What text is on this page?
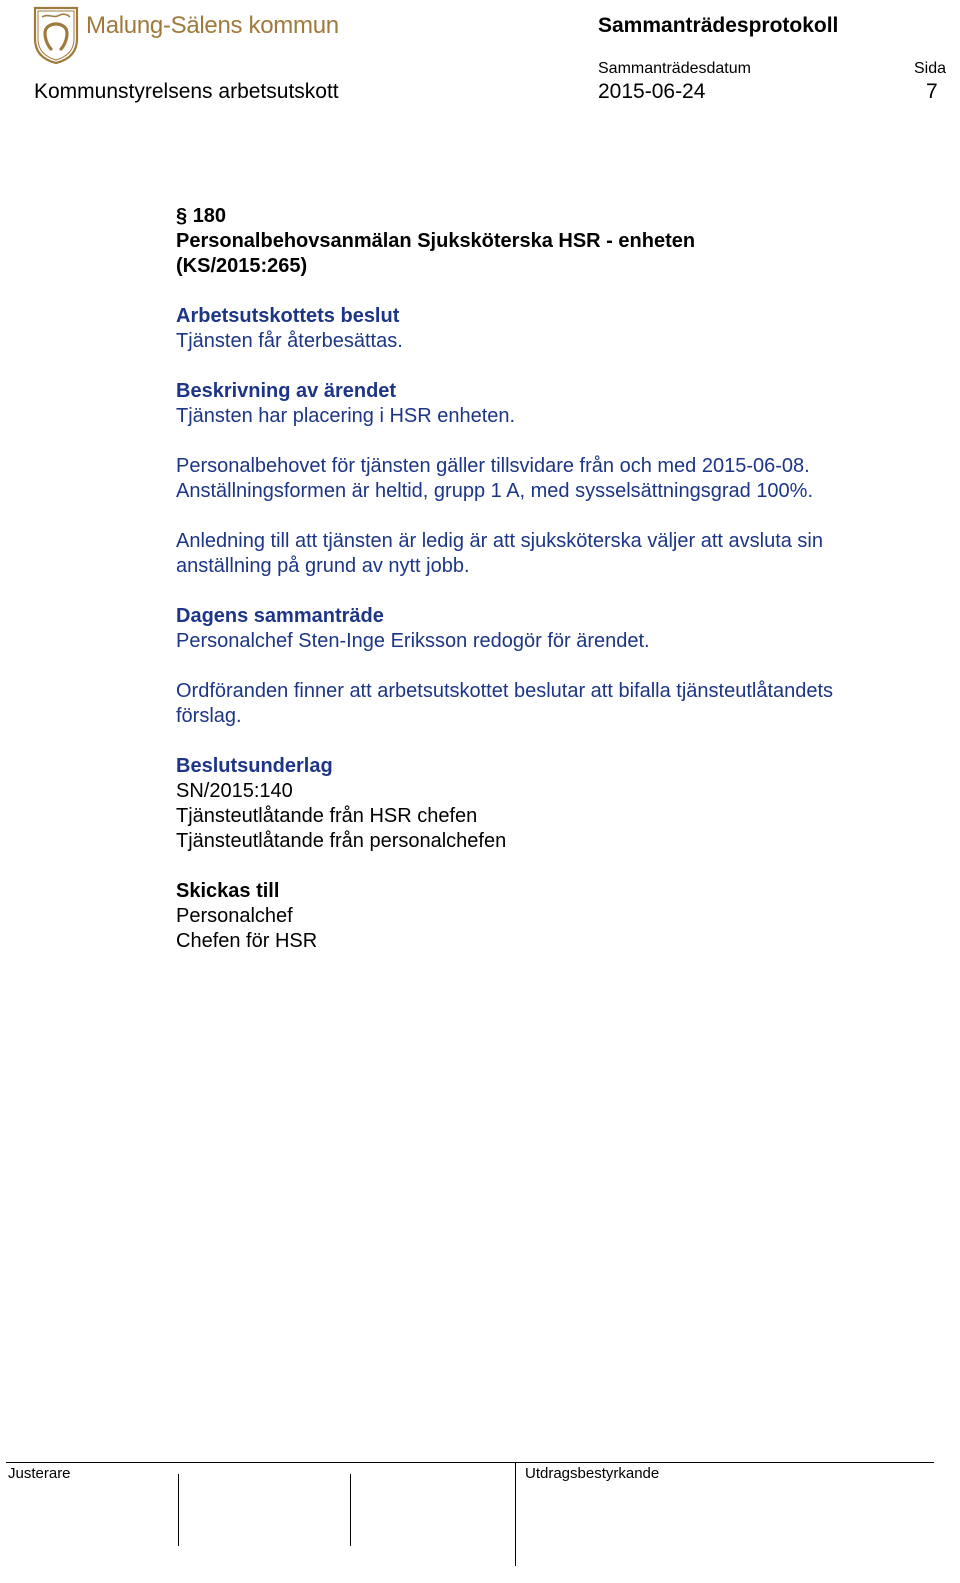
Malung-Sälens kommun	Sammanträdesprotokoll
Sammanträdesdatum	Sida
Kommunstyrelsens arbetsutskott	2015-06-24	7

§ 180

Personalbehovsanmälan Sjuksköterska HSR - enheten

(KS/2015:265)

Arbetsutskottets beslut

Tjänsten får återbesättas.

Beskrivning av ärendet

Tjänsten har placering i HSR enheten.

Personalbehovet för tjänsten gäller tillsvidare från och med 2015-06-08.

Anställningsformen är heltid, grupp 1 A, med sysselsättningsgrad 100%.

Anledning till att tjänsten är ledig är att sjuksköterska väljer att avsluta sin

anställning på grund av nytt jobb.

Dagens sammanträde

Personalchef Sten-Inge Eriksson redogör för ärendet.

Ordföranden finner att arbetsutskottet beslutar att bifalla tjänsteutlåtandets

förslag.

Beslutsunderlag

SN/2015:140

Tjänsteutlåtande från HSR chefen

Tjänsteutlåtande från personalchefen

Skickas till

Personalchef

Chefen för HSR

Justerare	Utdragsbestyrkande
